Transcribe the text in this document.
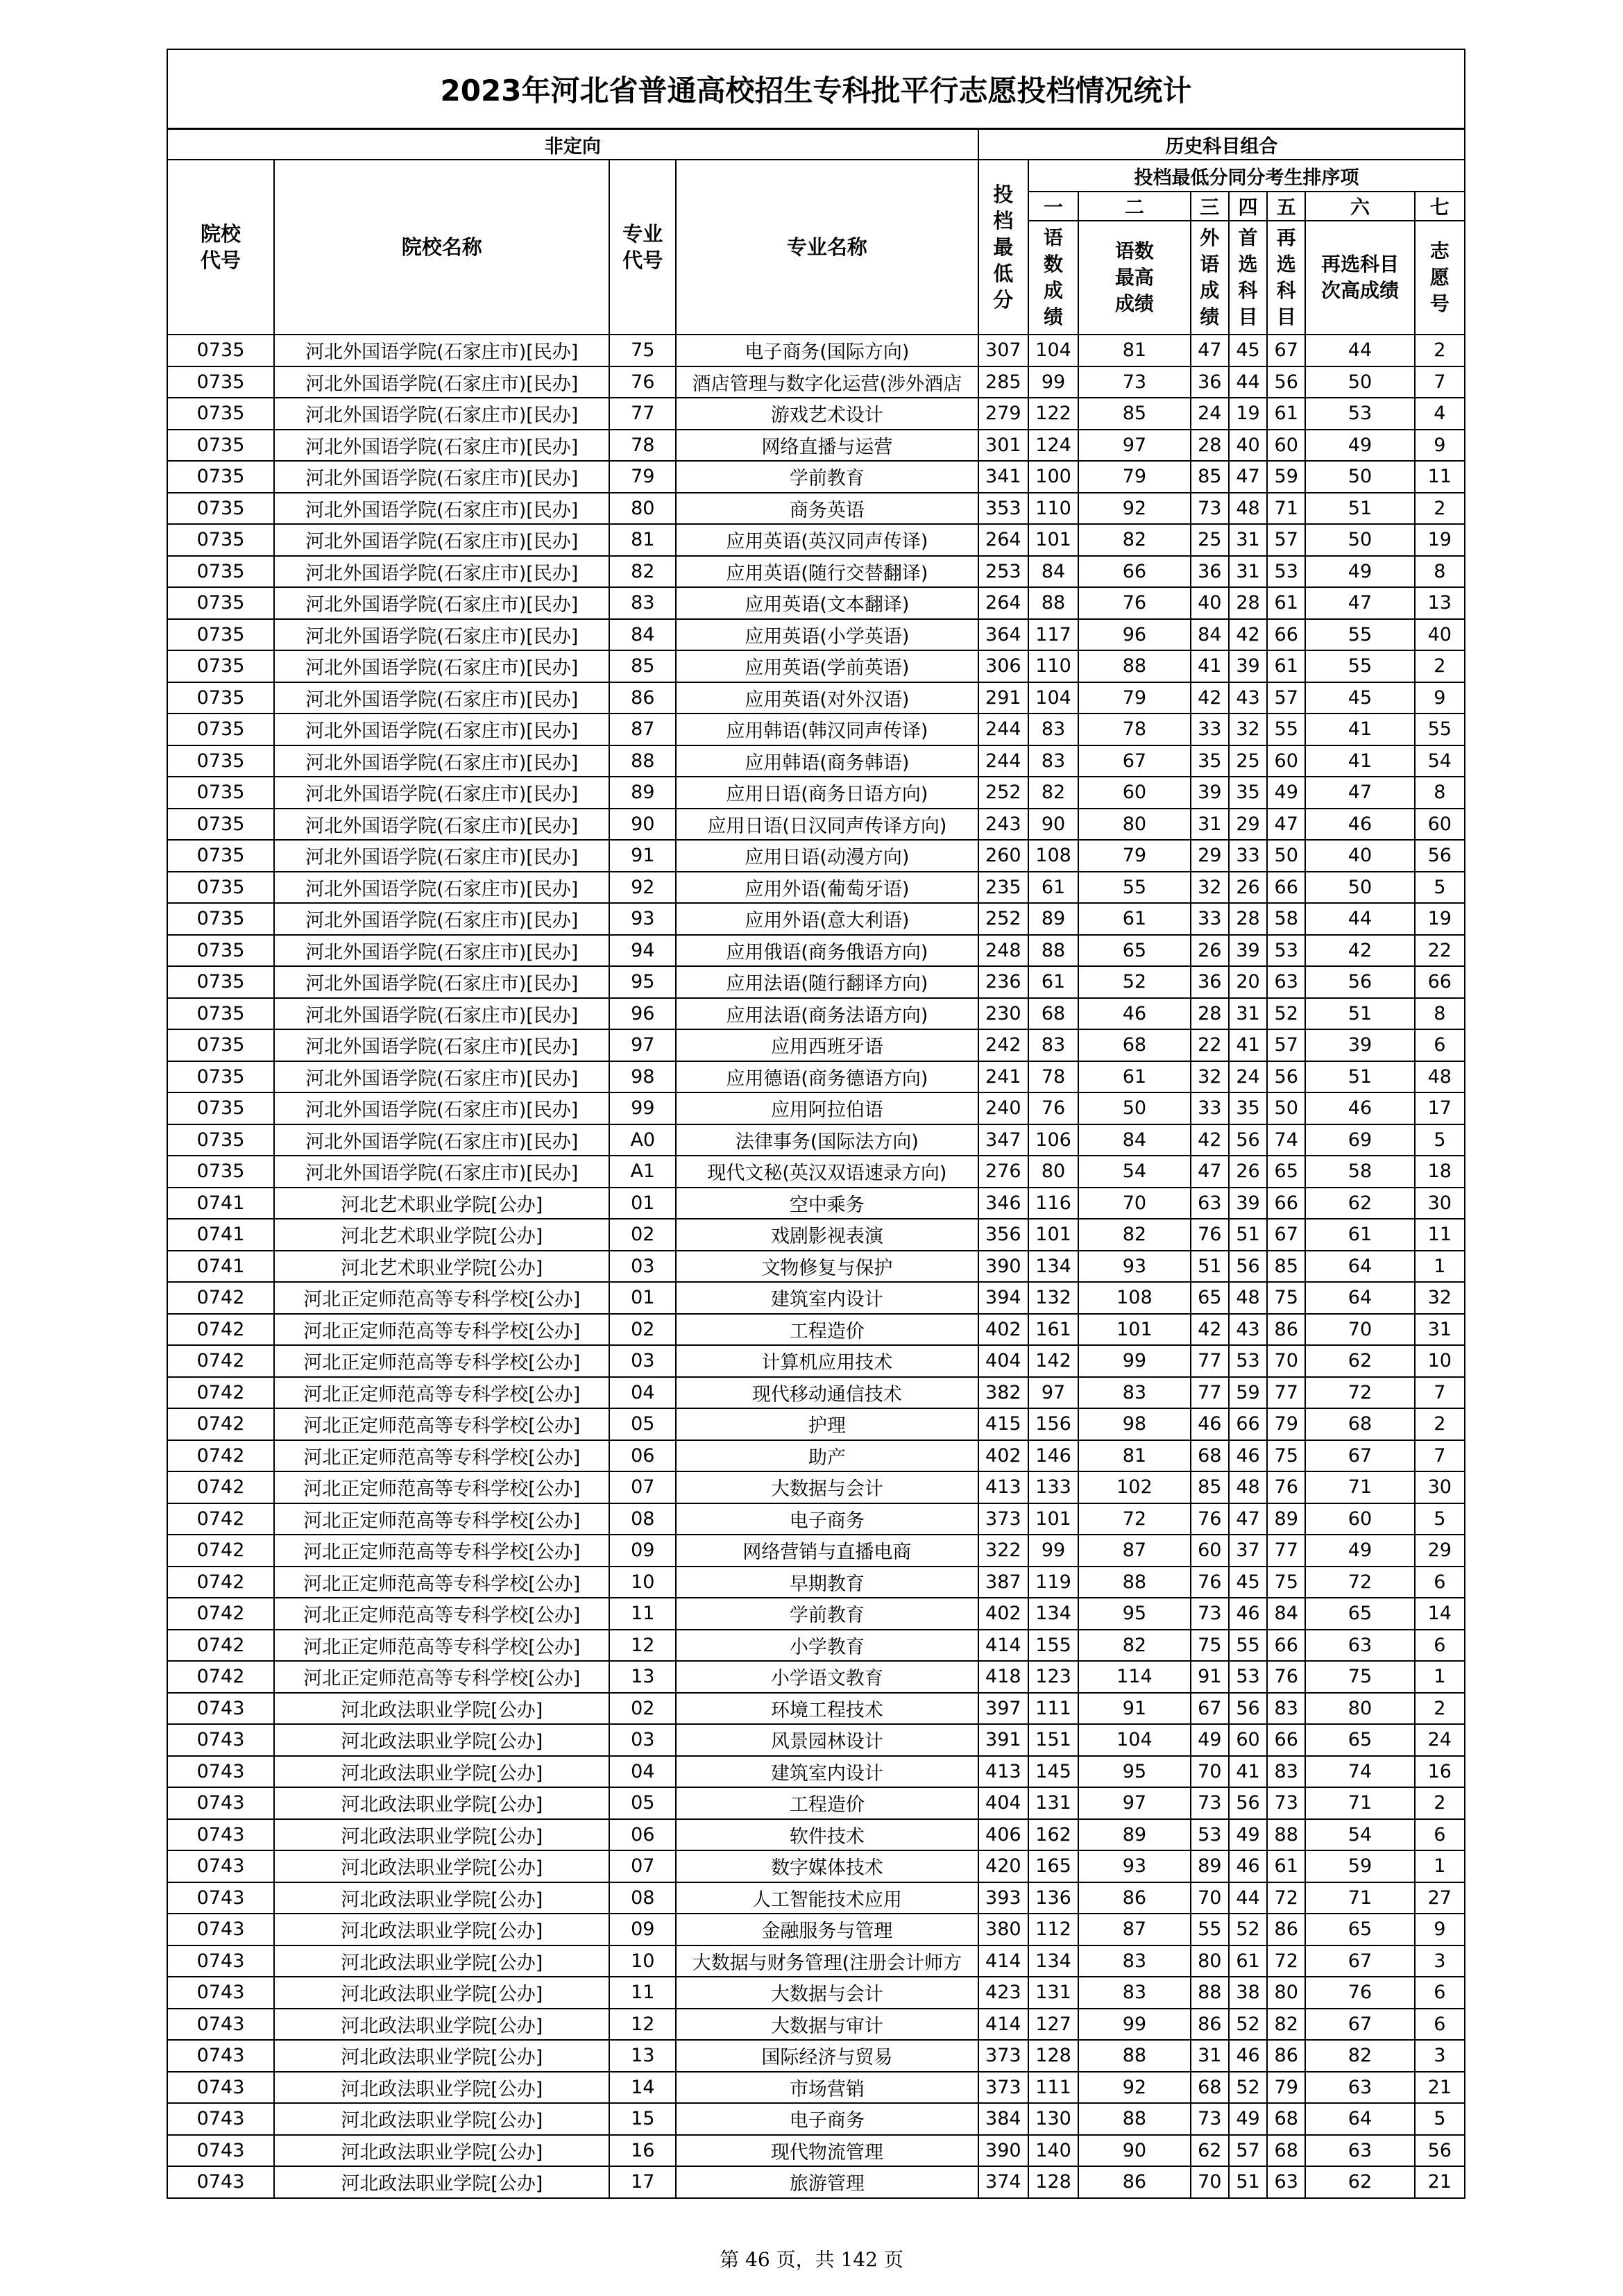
2023年河北省普通高校招生专科批平行志愿投档情况统计											
非定向				历史科目组合							
院校代号	院校名称	专业代号	专业名称	投档最低分	投档最低分同分考生排序项						
					一	二	三	四	五	六	七
					语数成绩	语数最高成绩	外语成绩	首选科目	再选科目	再选科目次高成绩	志愿号
0735	河北外国语学院(石家庄市)[民办]	75	电子商务(国际方向)	307	104	81	47	45	67	44	2
0735	河北外国语学院(石家庄市)[民办]	76	酒店管理与数字化运营(涉外酒店	285	99	73	36	44	56	50	7
0735	河北外国语学院(石家庄市)[民办]	77	游戏艺术设计	279	122	85	24	19	61	53	4
0735	河北外国语学院(石家庄市)[民办]	78	网络直播与运营	301	124	97	28	40	60	49	9
0735	河北外国语学院(石家庄市)[民办]	79	学前教育	341	100	79	85	47	59	50	11
0735	河北外国语学院(石家庄市)[民办]	80	商务英语	353	110	92	73	48	71	51	2
0735	河北外国语学院(石家庄市)[民办]	81	应用英语(英汉同声传译)	264	101	82	25	31	57	50	19
0735	河北外国语学院(石家庄市)[民办]	82	应用英语(随行交替翻译)	253	84	66	36	31	53	49	8
0735	河北外国语学院(石家庄市)[民办]	83	应用英语(文本翻译)	264	88	76	40	28	61	47	13
0735	河北外国语学院(石家庄市)[民办]	84	应用英语(小学英语)	364	117	96	84	42	66	55	40
0735	河北外国语学院(石家庄市)[民办]	85	应用英语(学前英语)	306	110	88	41	39	61	55	2
0735	河北外国语学院(石家庄市)[民办]	86	应用英语(对外汉语)	291	104	79	42	43	57	45	9
0735	河北外国语学院(石家庄市)[民办]	87	应用韩语(韩汉同声传译)	244	83	78	33	32	55	41	55
0735	河北外国语学院(石家庄市)[民办]	88	应用韩语(商务韩语)	244	83	67	35	25	60	41	54
0735	河北外国语学院(石家庄市)[民办]	89	应用日语(商务日语方向)	252	82	60	39	35	49	47	8
0735	河北外国语学院(石家庄市)[民办]	90	应用日语(日汉同声传译方向)	243	90	80	31	29	47	46	60
0735	河北外国语学院(石家庄市)[民办]	91	应用日语(动漫方向)	260	108	79	29	33	50	40	56
0735	河北外国语学院(石家庄市)[民办]	92	应用外语(葡萄牙语)	235	61	55	32	26	66	50	5
0735	河北外国语学院(石家庄市)[民办]	93	应用外语(意大利语)	252	89	61	33	28	58	44	19
0735	河北外国语学院(石家庄市)[民办]	94	应用俄语(商务俄语方向)	248	88	65	26	39	53	42	22
0735	河北外国语学院(石家庄市)[民办]	95	应用法语(随行翻译方向)	236	61	52	36	20	63	56	66
0735	河北外国语学院(石家庄市)[民办]	96	应用法语(商务法语方向)	230	68	46	28	31	52	51	8
0735	河北外国语学院(石家庄市)[民办]	97	应用西班牙语	242	83	68	22	41	57	39	6
0735	河北外国语学院(石家庄市)[民办]	98	应用德语(商务德语方向)	241	78	61	32	24	56	51	48
0735	河北外国语学院(石家庄市)[民办]	99	应用阿拉伯语	240	76	50	33	35	50	46	17
0735	河北外国语学院(石家庄市)[民办]	A0	法律事务(国际法方向)	347	106	84	42	56	74	69	5
0735	河北外国语学院(石家庄市)[民办]	A1	现代文秘(英汉双语速录方向)	276	80	54	47	26	65	58	18
0741	河北艺术职业学院[公办]	01	空中乘务	346	116	70	63	39	66	62	30
0741	河北艺术职业学院[公办]	02	戏剧影视表演	356	101	82	76	51	67	61	11
0741	河北艺术职业学院[公办]	03	文物修复与保护	390	134	93	51	56	85	64	1
0742	河北正定师范高等专科学校[公办]	01	建筑室内设计	394	132	108	65	48	75	64	32
0742	河北正定师范高等专科学校[公办]	02	工程造价	402	161	101	42	43	86	70	31
0742	河北正定师范高等专科学校[公办]	03	计算机应用技术	404	142	99	77	53	70	62	10
0742	河北正定师范高等专科学校[公办]	04	现代移动通信技术	382	97	83	77	59	77	72	7
0742	河北正定师范高等专科学校[公办]	05	护理	415	156	98	46	66	79	68	2
0742	河北正定师范高等专科学校[公办]	06	助产	402	146	81	68	46	75	67	7
0742	河北正定师范高等专科学校[公办]	07	大数据与会计	413	133	102	85	48	76	71	30
0742	河北正定师范高等专科学校[公办]	08	电子商务	373	101	72	76	47	89	60	5
0742	河北正定师范高等专科学校[公办]	09	网络营销与直播电商	322	99	87	60	37	77	49	29
0742	河北正定师范高等专科学校[公办]	10	早期教育	387	119	88	76	45	75	72	6
0742	河北正定师范高等专科学校[公办]	11	学前教育	402	134	95	73	46	84	65	14
0742	河北正定师范高等专科学校[公办]	12	小学教育	414	155	82	75	55	66	63	6
0742	河北正定师范高等专科学校[公办]	13	小学语文教育	418	123	114	91	53	76	75	1
0743	河北政法职业学院[公办]	02	环境工程技术	397	111	91	67	56	83	80	2
0743	河北政法职业学院[公办]	03	风景园林设计	391	151	104	49	60	66	65	24
0743	河北政法职业学院[公办]	04	建筑室内设计	413	145	95	70	41	83	74	16
0743	河北政法职业学院[公办]	05	工程造价	404	131	97	73	56	73	71	2
0743	河北政法职业学院[公办]	06	软件技术	406	162	89	53	49	88	54	6
0743	河北政法职业学院[公办]	07	数字媒体技术	420	165	93	89	46	61	59	1
0743	河北政法职业学院[公办]	08	人工智能技术应用	393	136	86	70	44	72	71	27
0743	河北政法职业学院[公办]	09	金融服务与管理	380	112	87	55	52	86	65	9
0743	河北政法职业学院[公办]	10	大数据与财务管理(注册会计师方	414	134	83	80	61	72	67	3
0743	河北政法职业学院[公办]	11	大数据与会计	423	131	83	88	38	80	76	6
0743	河北政法职业学院[公办]	12	大数据与审计	414	127	99	86	52	82	67	6
0743	河北政法职业学院[公办]	13	国际经济与贸易	373	128	88	31	46	86	82	3
0743	河北政法职业学院[公办]	14	市场营销	373	111	92	68	52	79	63	21
0743	河北政法职业学院[公办]	15	电子商务	384	130	88	73	49	68	64	5
0743	河北政法职业学院[公办]	16	现代物流管理	390	140	90	62	57	68	63	56
0743	河北政法职业学院[公办]	17	旅游管理	374	128	86	70	51	63	62	21
第 46 页，共 142 页
